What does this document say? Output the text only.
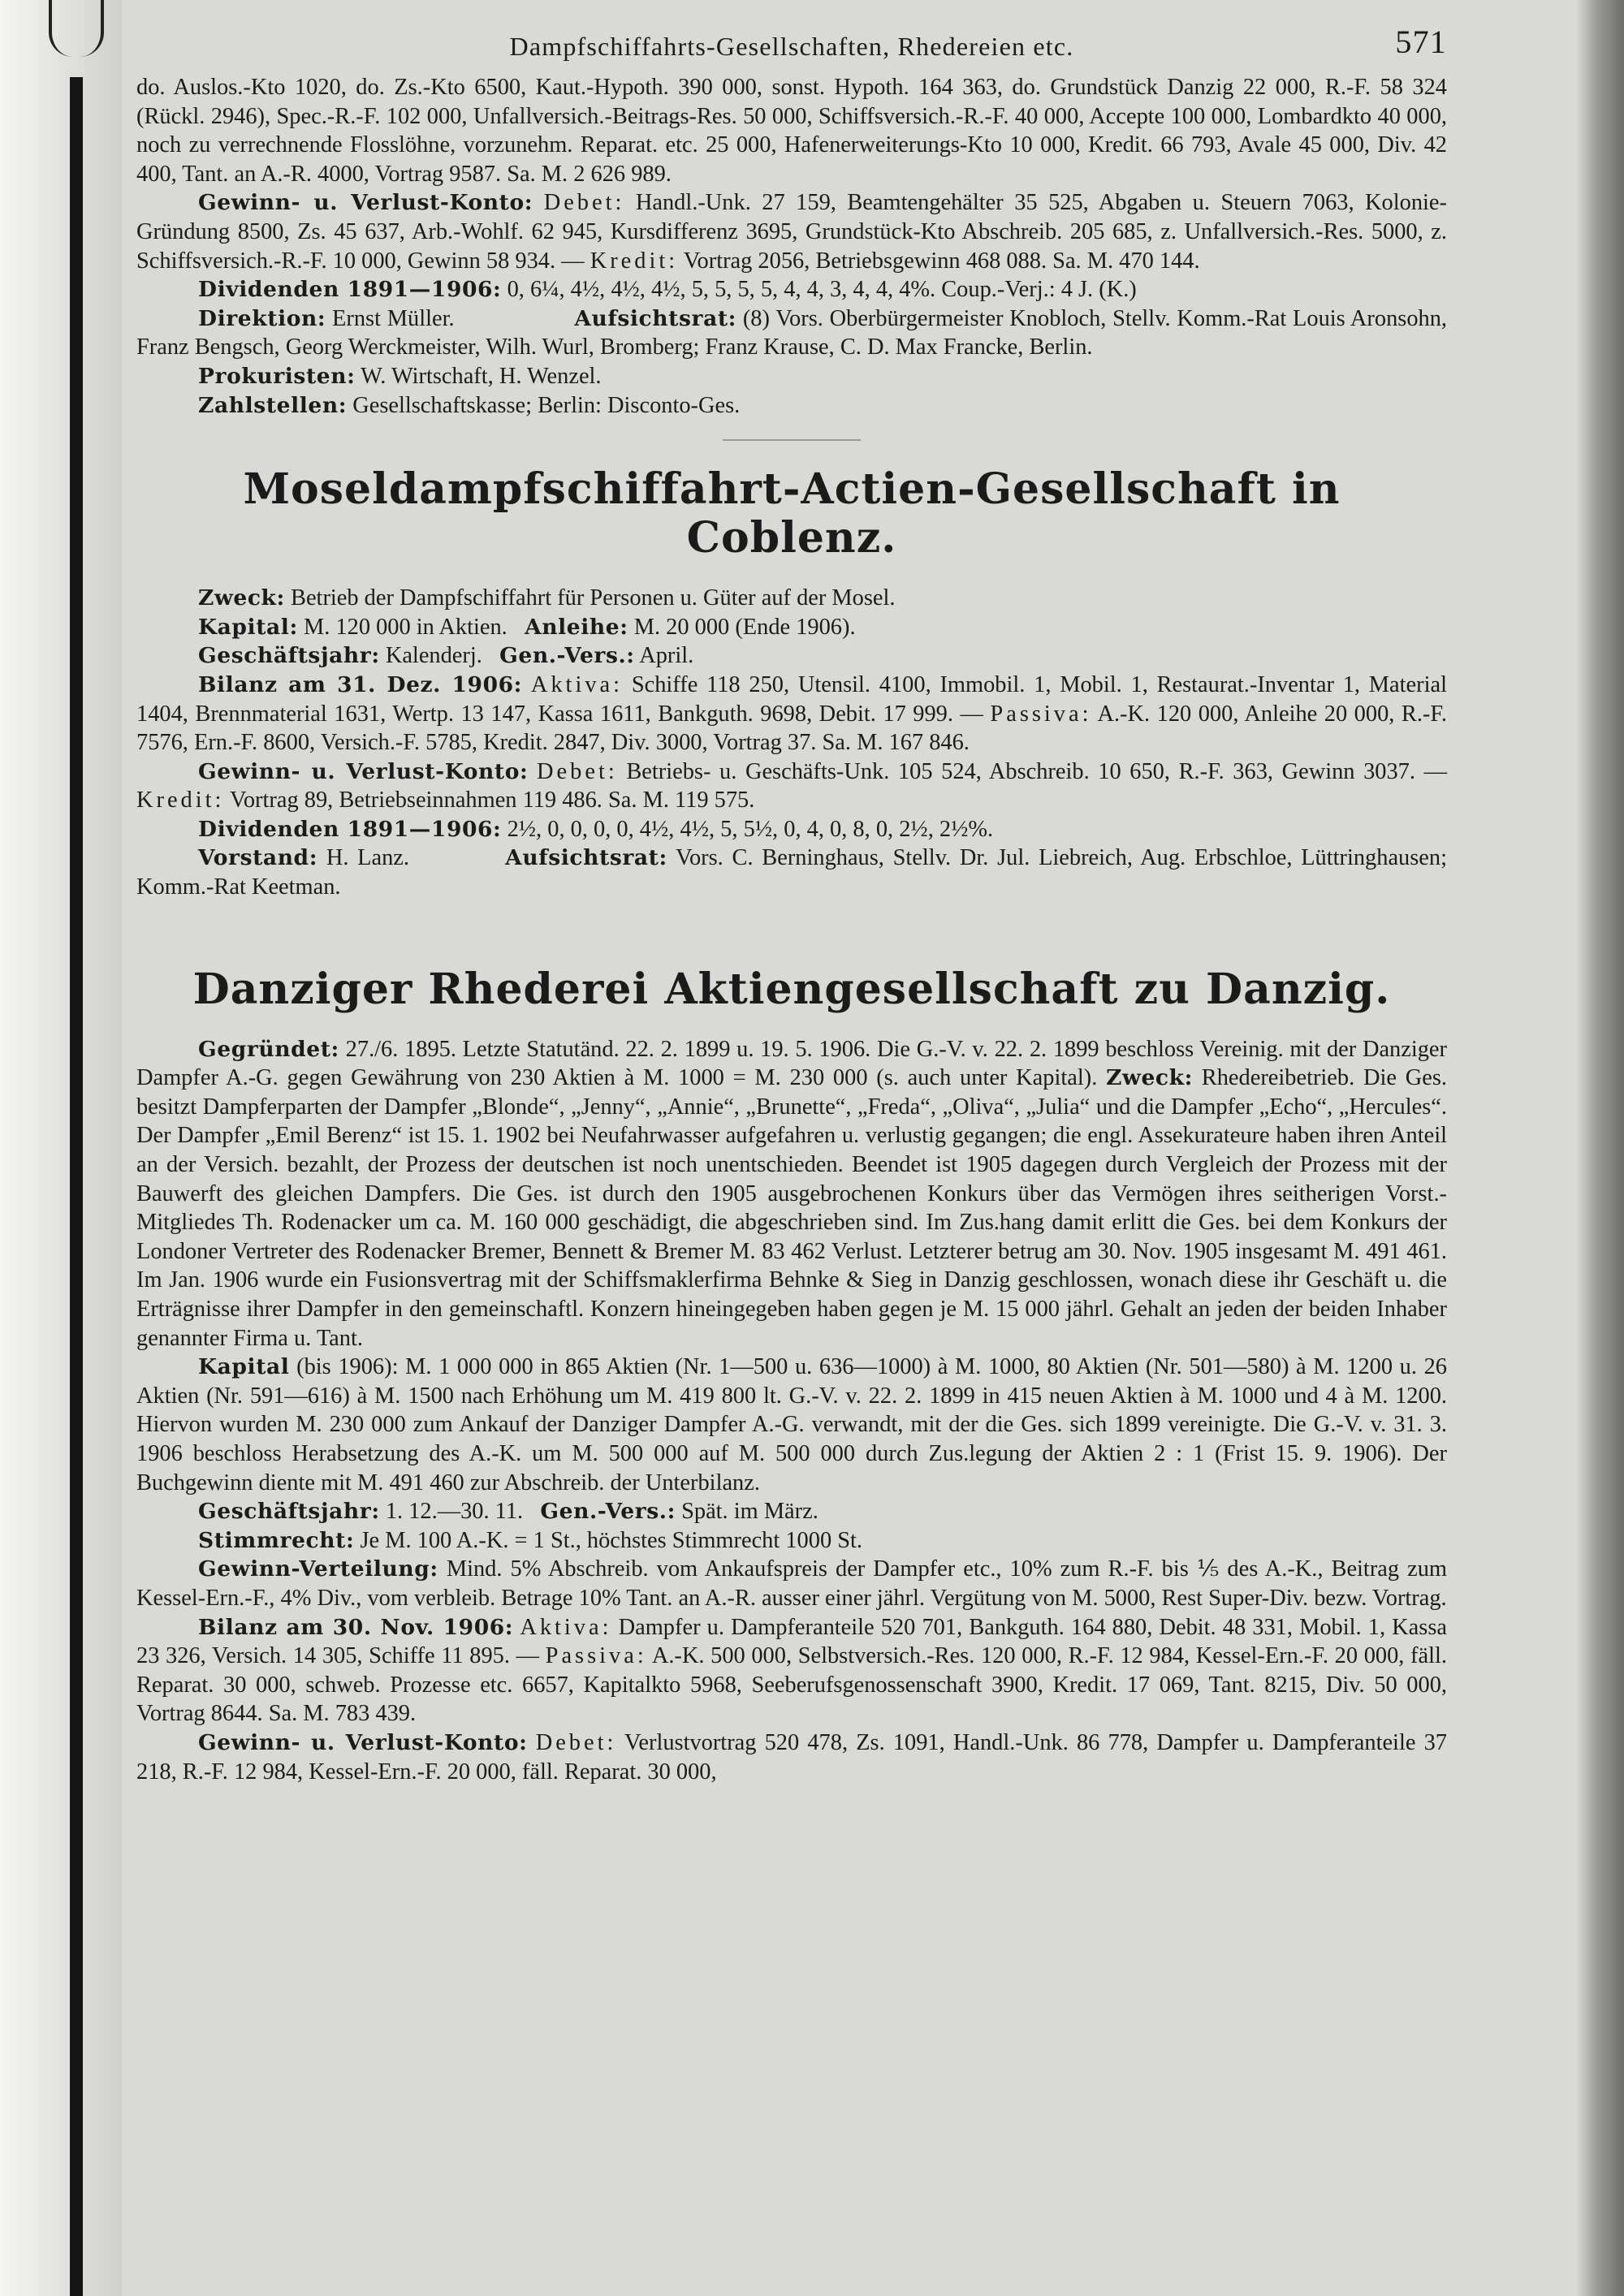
Dampfschiffahrts-Gesellschaften, Rhedereien etc.	571

do. Auslos.-Kto 1020, do. Zs.-Kto 6500, Kaut.-Hypoth. 390 000, sonst. Hypoth. 164 363, do. Grundstück Danzig 22 000, R.-F. 58 324 (Rückl. 2946), Spec.-R.-F. 102 000, Unfallversich.-Beitrags-Res. 50 000, Schiffsversich.-R.-F. 40 000, Accepte 100 000, Lombardkto 40 000, noch zu verrechnende Flosslöhne, vorzunehm. Reparat. etc. 25 000, Hafenerweiterungs-Kto 10 000, Kredit. 66 793, Avale 45 000, Div. 42 400, Tant. an A.-R. 4000, Vortrag 9587. Sa. M. 2 626 989.

Gewinn- u. Verlust-Konto: Debet: Handl.-Unk. 27 159, Beamtengehälter 35 525, Abgaben u. Steuern 7063, Kolonie-Gründung 8500, Zs. 45 637, Arb.-Wohlf. 62 945, Kursdifferenz 3695, Grundstück-Kto Abschreib. 205 685, z. Unfallversich.-Res. 5000, z. Schiffsversich.-R.-F. 10 000, Gewinn 58 934. — Kredit: Vortrag 2056, Betriebsgewinn 468 088. Sa. M. 470 144.

Dividenden 1891—1906: 0, 6¼, 4½, 4½, 4½, 5, 5, 5, 5, 4, 4, 3, 4, 4, 4%. Coup.-Verj.: 4 J. (K.)

Direktion: Ernst Müller.	Aufsichtsrat: (8) Vors. Oberbürgermeister Knobloch, Stellv. Komm.-Rat Louis Aronsohn, Franz Bengsch, Georg Werckmeister, Wilh. Wurl, Bromberg; Franz Krause, C. D. Max Francke, Berlin.

Prokuristen: W. Wirtschaft, H. Wenzel.

Zahlstellen: Gesellschaftskasse; Berlin: Disconto-Ges.

Moseldampfschiffahrt-Actien-Gesellschaft in Coblenz.

Zweck: Betrieb der Dampfschiffahrt für Personen u. Güter auf der Mosel.

Kapital: M. 120 000 in Aktien. Anleihe: M. 20 000 (Ende 1906).

Geschäftsjahr: Kalenderj. Gen.-Vers.: April.

Bilanz am 31. Dez. 1906: Aktiva: Schiffe 118 250, Utensil. 4100, Immobil. 1, Mobil. 1, Restaurat.-Inventar 1, Material 1404, Brennmaterial 1631, Wertp. 13 147, Kassa 1611, Bankguth. 9698, Debit. 17 999. — Passiva: A.-K. 120 000, Anleihe 20 000, R.-F. 7576, Ern.-F. 8600, Versich.-F. 5785, Kredit. 2847, Div. 3000, Vortrag 37. Sa. M. 167 846.

Gewinn- u. Verlust-Konto: Debet: Betriebs- u. Geschäfts-Unk. 105 524, Abschreib. 10 650, R.-F. 363, Gewinn 3037. — Kredit: Vortrag 89, Betriebseinnahmen 119 486. Sa. M. 119 575.

Dividenden 1891—1906: 2½, 0, 0, 0, 0, 4½, 4½, 5, 5½, 0, 4, 0, 8, 0, 2½, 2½%.

Vorstand: H. Lanz.	Aufsichtsrat: Vors. C. Berninghaus, Stellv. Dr. Jul. Liebreich, Aug. Erbschloe, Lüttringhausen; Komm.-Rat Keetman.

Danziger Rhederei Aktiengesellschaft zu Danzig.

Gegründet: 27./6. 1895. Letzte Statutänd. 22. 2. 1899 u. 19. 5. 1906. Die G.-V. v. 22. 2. 1899 beschloss Vereinig. mit der Danziger Dampfer A.-G. gegen Gewährung von 230 Aktien à M. 1000 = M. 230 000 (s. auch unter Kapital). Zweck: Rhedereibetrieb. Die Ges. besitzt Dampferparten der Dampfer „Blonde“, „Jenny“, „Annie“, „Brunette“, „Freda“, „Oliva“, „Julia“ und die Dampfer „Echo“, „Hercules“. Der Dampfer „Emil Berenz“ ist 15. 1. 1902 bei Neufahrwasser aufgefahren u. verlustig gegangen; die engl. Assekurateure haben ihren Anteil an der Versich. bezahlt, der Prozess der deutschen ist noch unentschieden. Beendet ist 1905 dagegen durch Vergleich der Prozess mit der Bauwerft des gleichen Dampfers. Die Ges. ist durch den 1905 ausgebrochenen Konkurs über das Vermögen ihres seitherigen Vorst.-Mitgliedes Th. Rodenacker um ca. M. 160 000 geschädigt, die abgeschrieben sind. Im Zus.hang damit erlitt die Ges. bei dem Konkurs der Londoner Vertreter des Rodenacker Bremer, Bennett & Bremer M. 83 462 Verlust. Letzterer betrug am 30. Nov. 1905 insgesamt M. 491 461. Im Jan. 1906 wurde ein Fusionsvertrag mit der Schiffsmaklerfirma Behnke & Sieg in Danzig geschlossen, wonach diese ihr Geschäft u. die Erträgnisse ihrer Dampfer in den gemeinschaftl. Konzern hineingegeben haben gegen je M. 15 000 jährl. Gehalt an jeden der beiden Inhaber genannter Firma u. Tant.

Kapital (bis 1906): M. 1 000 000 in 865 Aktien (Nr. 1—500 u. 636—1000) à M. 1000, 80 Aktien (Nr. 501—580) à M. 1200 u. 26 Aktien (Nr. 591—616) à M. 1500 nach Erhöhung um M. 419 800 lt. G.-V. v. 22. 2. 1899 in 415 neuen Aktien à M. 1000 und 4 à M. 1200. Hiervon wurden M. 230 000 zum Ankauf der Danziger Dampfer A.-G. verwandt, mit der die Ges. sich 1899 vereinigte. Die G.-V. v. 31. 3. 1906 beschloss Herabsetzung des A.-K. um M. 500 000 auf M. 500 000 durch Zus.legung der Aktien 2 : 1 (Frist 15. 9. 1906). Der Buchgewinn diente mit M. 491 460 zur Abschreib. der Unterbilanz.

Geschäftsjahr: 1. 12.—30. 11. Gen.-Vers.: Spät. im März.

Stimmrecht: Je M. 100 A.-K. = 1 St., höchstes Stimmrecht 1000 St.

Gewinn-Verteilung: Mind. 5% Abschreib. vom Ankaufspreis der Dampfer etc., 10% zum R.-F. bis ⅕ des A.-K., Beitrag zum Kessel-Ern.-F., 4% Div., vom verbleib. Betrage 10% Tant. an A.-R. ausser einer jährl. Vergütung von M. 5000, Rest Super-Div. bezw. Vortrag.

Bilanz am 30. Nov. 1906: Aktiva: Dampfer u. Dampferanteile 520 701, Bankguth. 164 880, Debit. 48 331, Mobil. 1, Kassa 23 326, Versich. 14 305, Schiffe 11 895. — Passiva: A.-K. 500 000, Selbstversich.-Res. 120 000, R.-F. 12 984, Kessel-Ern.-F. 20 000, fäll. Reparat. 30 000, schweb. Prozesse etc. 6657, Kapitalkto 5968, Seeberufsgenossenschaft 3900, Kredit. 17 069, Tant. 8215, Div. 50 000, Vortrag 8644. Sa. M. 783 439.

Gewinn- u. Verlust-Konto: Debet: Verlustvortrag 520 478, Zs. 1091, Handl.-Unk. 86 778, Dampfer u. Dampferanteile 37 218, R.-F. 12 984, Kessel-Ern.-F. 20 000, fäll. Reparat. 30 000,
